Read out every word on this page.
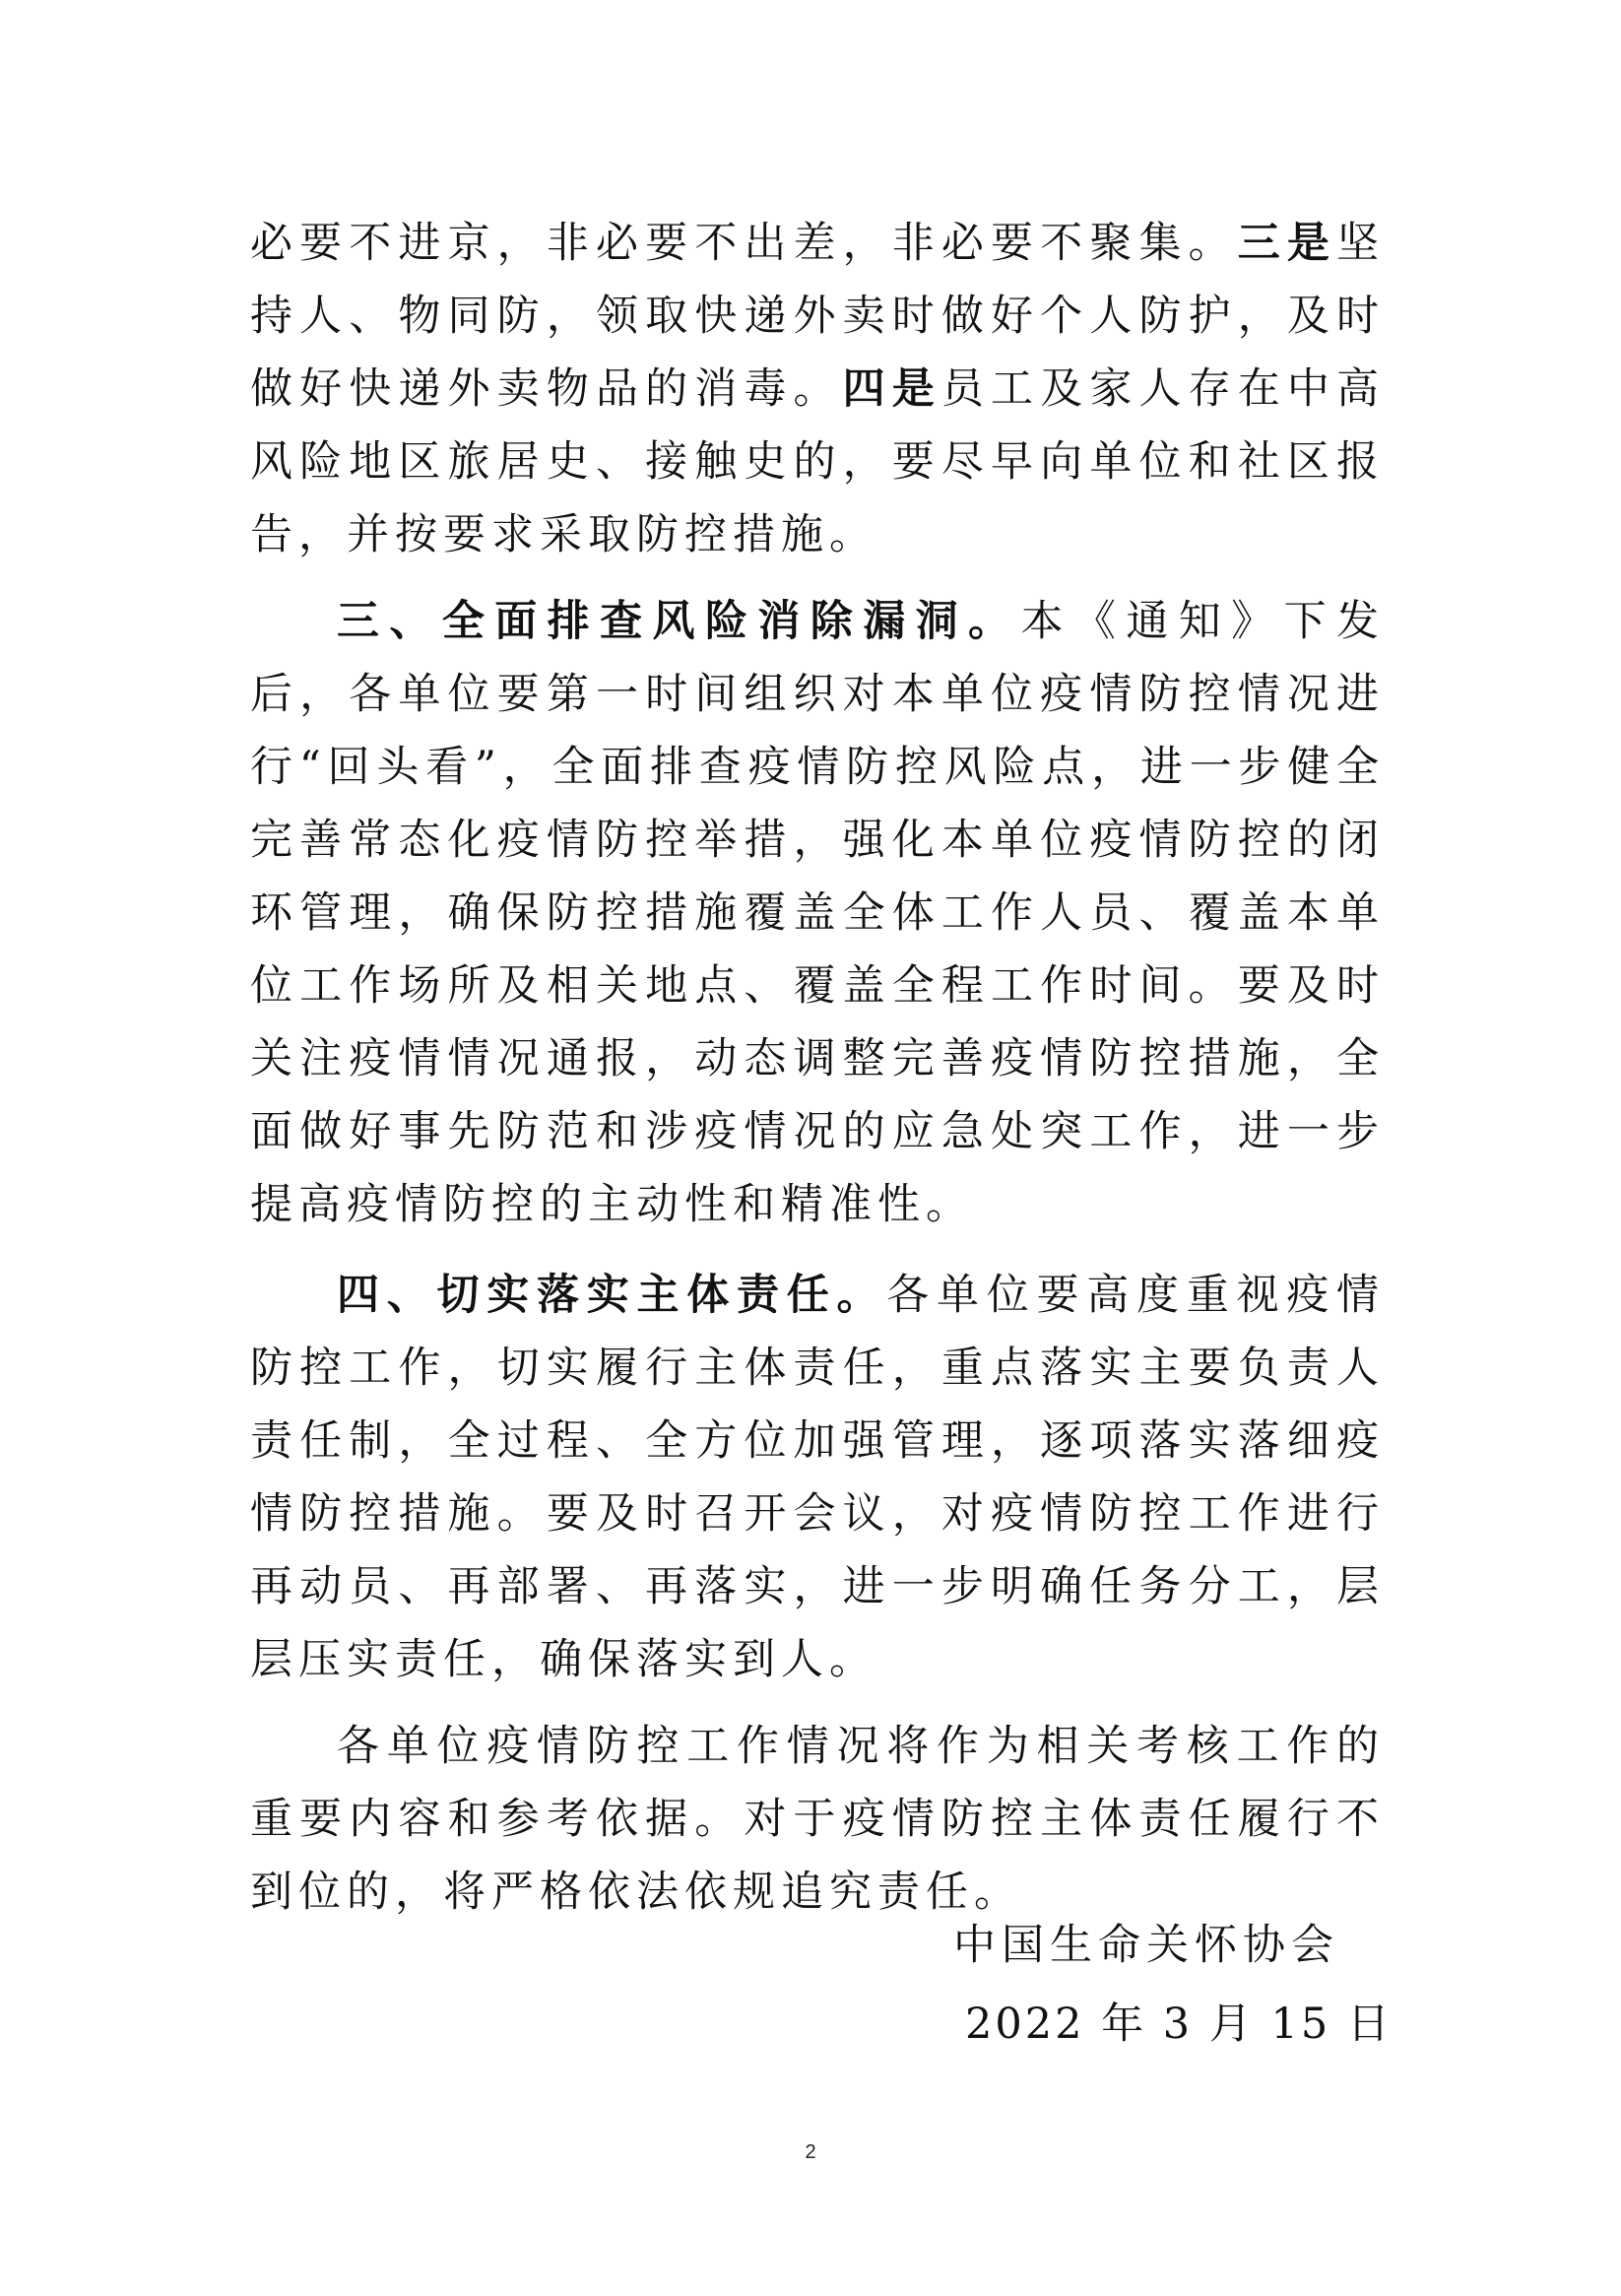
必要不进京，非必要不出差，非必要不聚集。三是坚持人、物同防，领取快递外卖时做好个人防护，及时做好快递外卖物品的消毒。四是员工及家人存在中高风险地区旅居史、接触史的，要尽早向单位和社区报告，并按要求采取防控措施。

三、全面排查风险消除漏洞。本《通知》下发后，各单位要第一时间组织对本单位疫情防控情况进行“回头看”，全面排查疫情防控风险点，进一步健全完善常态化疫情防控举措，强化本单位疫情防控的闭环管理，确保防控措施覆盖全体工作人员、覆盖本单位工作场所及相关地点、覆盖全程工作时间。要及时关注疫情情况通报，动态调整完善疫情防控措施，全面做好事先防范和涉疫情况的应急处突工作，进一步提高疫情防控的主动性和精准性。

四、切实落实主体责任。各单位要高度重视疫情防控工作，切实履行主体责任，重点落实主要负责人责任制，全过程、全方位加强管理，逐项落实落细疫情防控措施。要及时召开会议，对疫情防控工作进行再动员、再部署、再落实，进一步明确任务分工，层层压实责任，确保落实到人。

各单位疫情防控工作情况将作为相关考核工作的重要内容和参考依据。对于疫情防控主体责任履行不到位的，将严格依法依规追究责任。

中国生命关怀协会
2022 年 3 月 15 日
2
